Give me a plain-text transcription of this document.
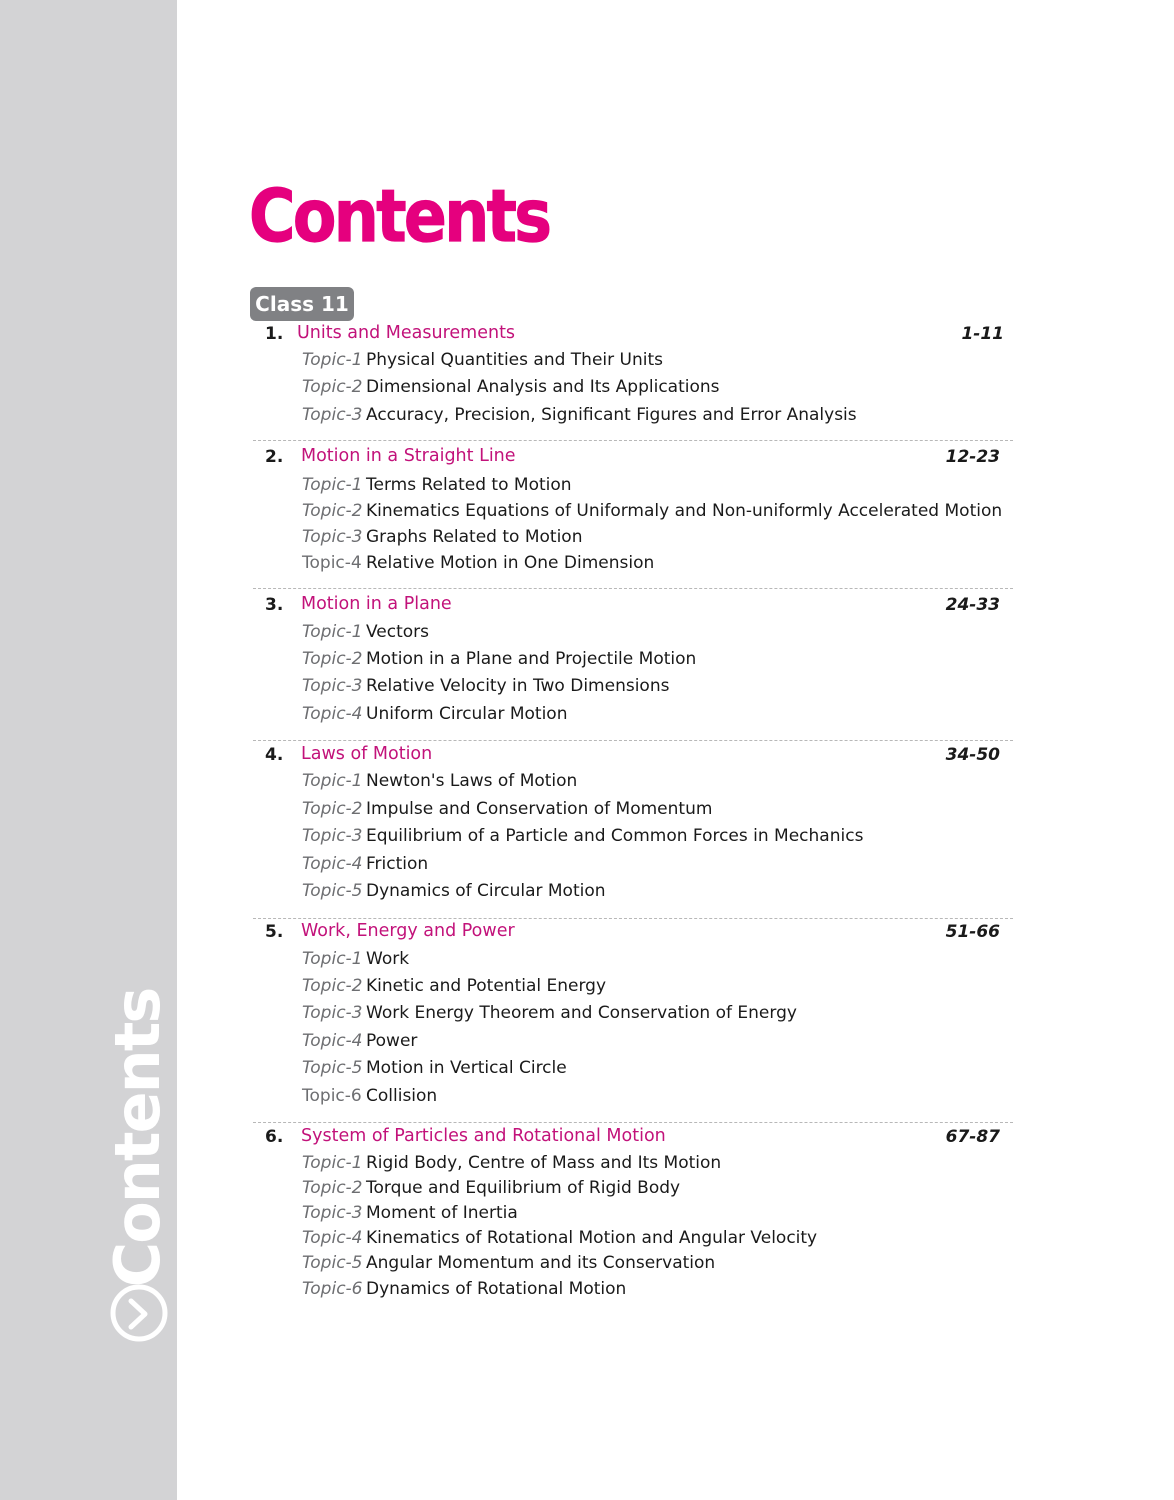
Contents
Contents
Class 11
1. Units and Measurements	1-11
Topic-1 Physical Quantities and Their Units
Topic-2 Dimensional Analysis and Its Applications
Topic-3 Accuracy, Precision, Significant Figures and Error Analysis
2. Motion in a Straight Line	12-23
Topic-1 Terms Related to Motion
Topic-2 Kinematics Equations of Uniformaly and Non-uniformly Accelerated Motion
Topic-3 Graphs Related to Motion
Topic-4 Relative Motion in One Dimension
3. Motion in a Plane	24-33
Topic-1 Vectors
Topic-2 Motion in a Plane and Projectile Motion
Topic-3 Relative Velocity in Two Dimensions
Topic-4 Uniform Circular Motion
4. Laws of Motion	34-50
Topic-1 Newton's Laws of Motion
Topic-2 Impulse and Conservation of Momentum
Topic-3 Equilibrium of a Particle and Common Forces in Mechanics
Topic-4 Friction
Topic-5 Dynamics of Circular Motion
5. Work, Energy and Power	51-66
Topic-1 Work
Topic-2 Kinetic and Potential Energy
Topic-3 Work Energy Theorem and Conservation of Energy
Topic-4 Power
Topic-5 Motion in Vertical Circle
Topic-6 Collision
6. System of Particles and Rotational Motion	67-87
Topic-1 Rigid Body, Centre of Mass and Its Motion
Topic-2 Torque and Equilibrium of Rigid Body
Topic-3 Moment of Inertia
Topic-4 Kinematics of Rotational Motion and Angular Velocity
Topic-5 Angular Momentum and its Conservation
Topic-6 Dynamics of Rotational Motion
